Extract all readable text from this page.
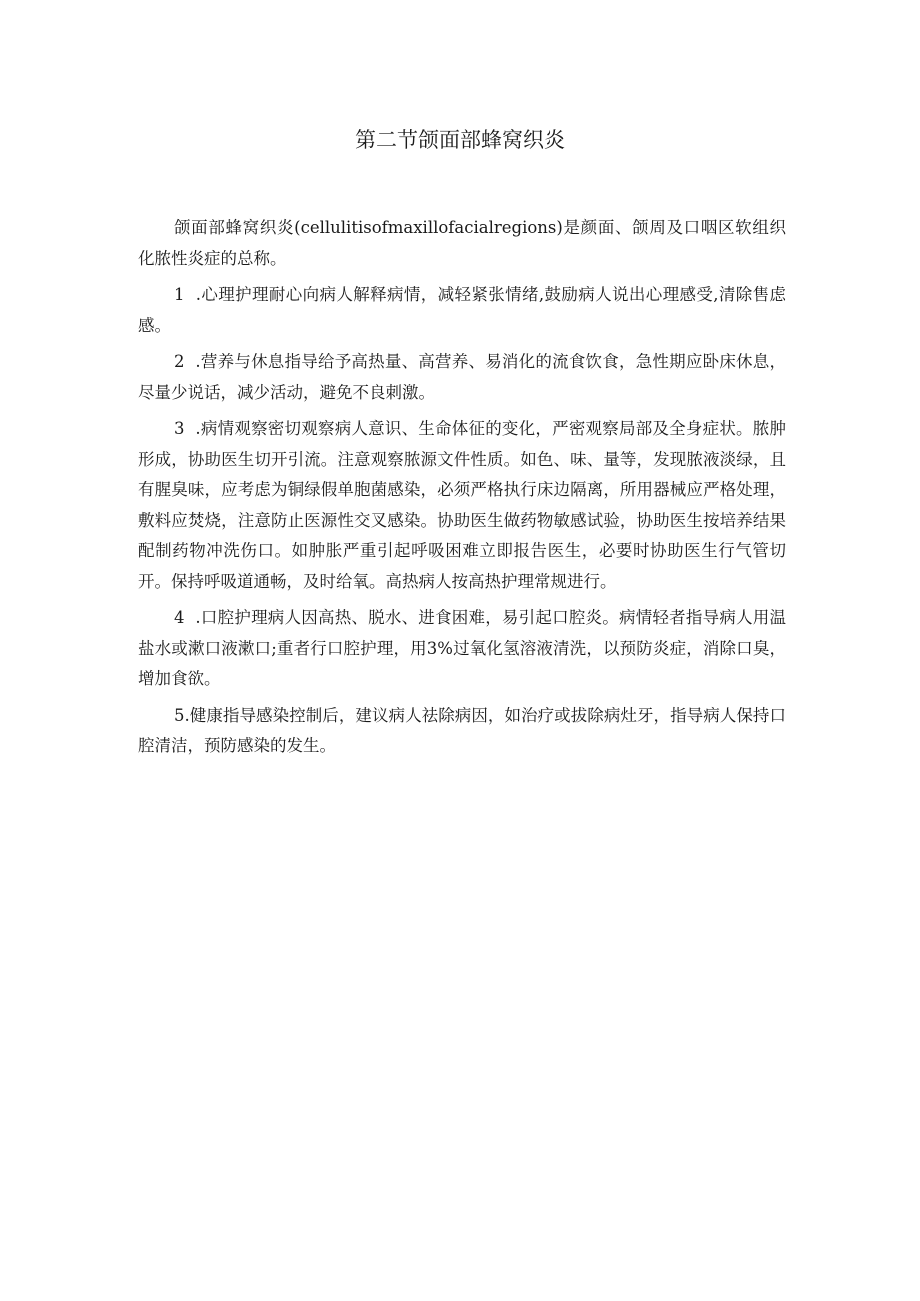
第二节颌面部蜂窝织炎

颌面部蜂窝织炎(cellulitisofmaxillofacialregions)是颜面、颌周及口咽区软组织化脓性炎症的总称。

1  .心理护理耐心向病人解释病情，减轻紧张情绪,鼓励病人说出心理感受,清除售虑感。

2  .营养与休息指导给予高热量、高营养、易消化的流食饮食，急性期应卧床休息，尽量少说话，减少活动，避免不良刺激。

3  .病情观察密切观察病人意识、生命体征的变化，严密观察局部及全身症状。脓肿形成，协助医生切开引流。注意观察脓源文件性质。如色、味、量等，发现脓液淡绿，且有腥臭味，应考虑为铜绿假单胞菌感染，必须严格执行床边隔离，所用器械应严格处理，敷料应焚烧，注意防止医源性交叉感染。协助医生做药物敏感试验，协助医生按培养结果配制药物冲洗伤口。如肿胀严重引起呼吸困难立即报告医生，必要时协助医生行气管切开。保持呼吸道通畅，及时给氧。高热病人按高热护理常规进行。

4  .口腔护理病人因高热、脱水、进食困难，易引起口腔炎。病情轻者指导病人用温盐水或漱口液漱口;重者行口腔护理，用3%过氧化氢溶液清洗，以预防炎症，消除口臭，增加食欲。

5.健康指导感染控制后，建议病人祛除病因，如治疗或拔除病灶牙，指导病人保持口腔清洁，预防感染的发生。
